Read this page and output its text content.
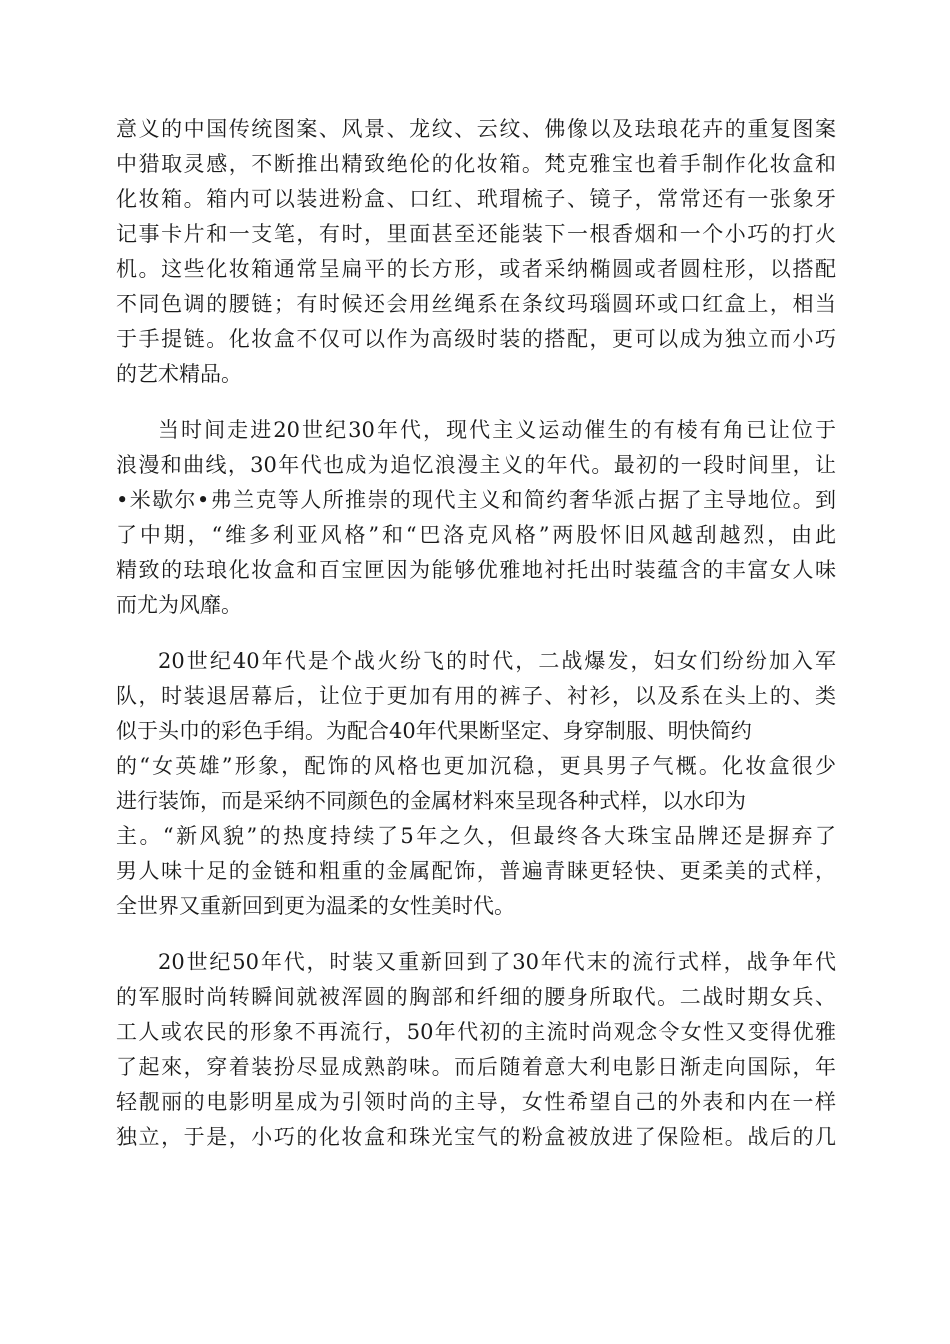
意义的中国传统图案、风景、龙纹、云纹、佛像以及珐琅花卉的重复图案
中猎取灵感，不断推出精致绝伦的化妆箱。梵克雅宝也着手制作化妆盒和
化妆箱。箱内可以装进粉盒、口红、玳瑁梳子、镜子，常常还有一张象牙
记事卡片和一支笔，有时，里面甚至还能装下一根香烟和一个小巧的打火
机。这些化妆箱通常呈扁平的长方形，或者采纳椭圆或者圆柱形，以搭配
不同色调的腰链；有时候还会用丝绳系在条纹玛瑙圆环或口红盒上，相当
于手提链。化妆盒不仅可以作为高级时装的搭配，更可以成为独立而小巧
的艺术精品。
当时间走进20世纪30年代，现代主义运动催生的有棱有角已让位于
浪漫和曲线，30年代也成为追忆浪漫主义的年代。最初的一段时间里，让
•米歇尔•弗兰克等人所推崇的现代主义和简约奢华派占据了主导地位。到
了中期，“维多利亚风格”和“巴洛克风格”两股怀旧风越刮越烈，由此
精致的珐琅化妆盒和百宝匣因为能够优雅地衬托出时装蕴含的丰富女人味
而尤为风靡。
20世纪40年代是个战火纷飞的时代，二战爆发，妇女们纷纷加入军
队，时装退居幕后，让位于更加有用的裤子、衬衫，以及系在头上的、类
似于头巾的彩色手绢。为配合40年代果断坚定、身穿制服、明快简约
的“女英雄”形象，配饰的风格也更加沉稳，更具男子气概。化妆盒很少
进行装饰，而是采纳不同颜色的金属材料來呈现各种式样，以水印为
主。“新风貌”的热度持续了5年之久，但最终各大珠宝品牌还是摒弃了
男人味十足的金链和粗重的金属配饰，普遍青睐更轻快、更柔美的式样，
全世界又重新回到更为温柔的女性美时代。
20世纪50年代，时装又重新回到了30年代末的流行式样，战争年代
的军服时尚转瞬间就被浑圆的胸部和纤细的腰身所取代。二战时期女兵、
工人或农民的形象不再流行，50年代初的主流时尚观念令女性又变得优雅
了起來，穿着装扮尽显成熟韵味。而后随着意大利电影日渐走向国际，年
轻靓丽的电影明星成为引领时尚的主导，女性希望自己的外表和内在一样
独立，于是，小巧的化妆盒和珠光宝气的粉盒被放进了保险柜。战后的几
